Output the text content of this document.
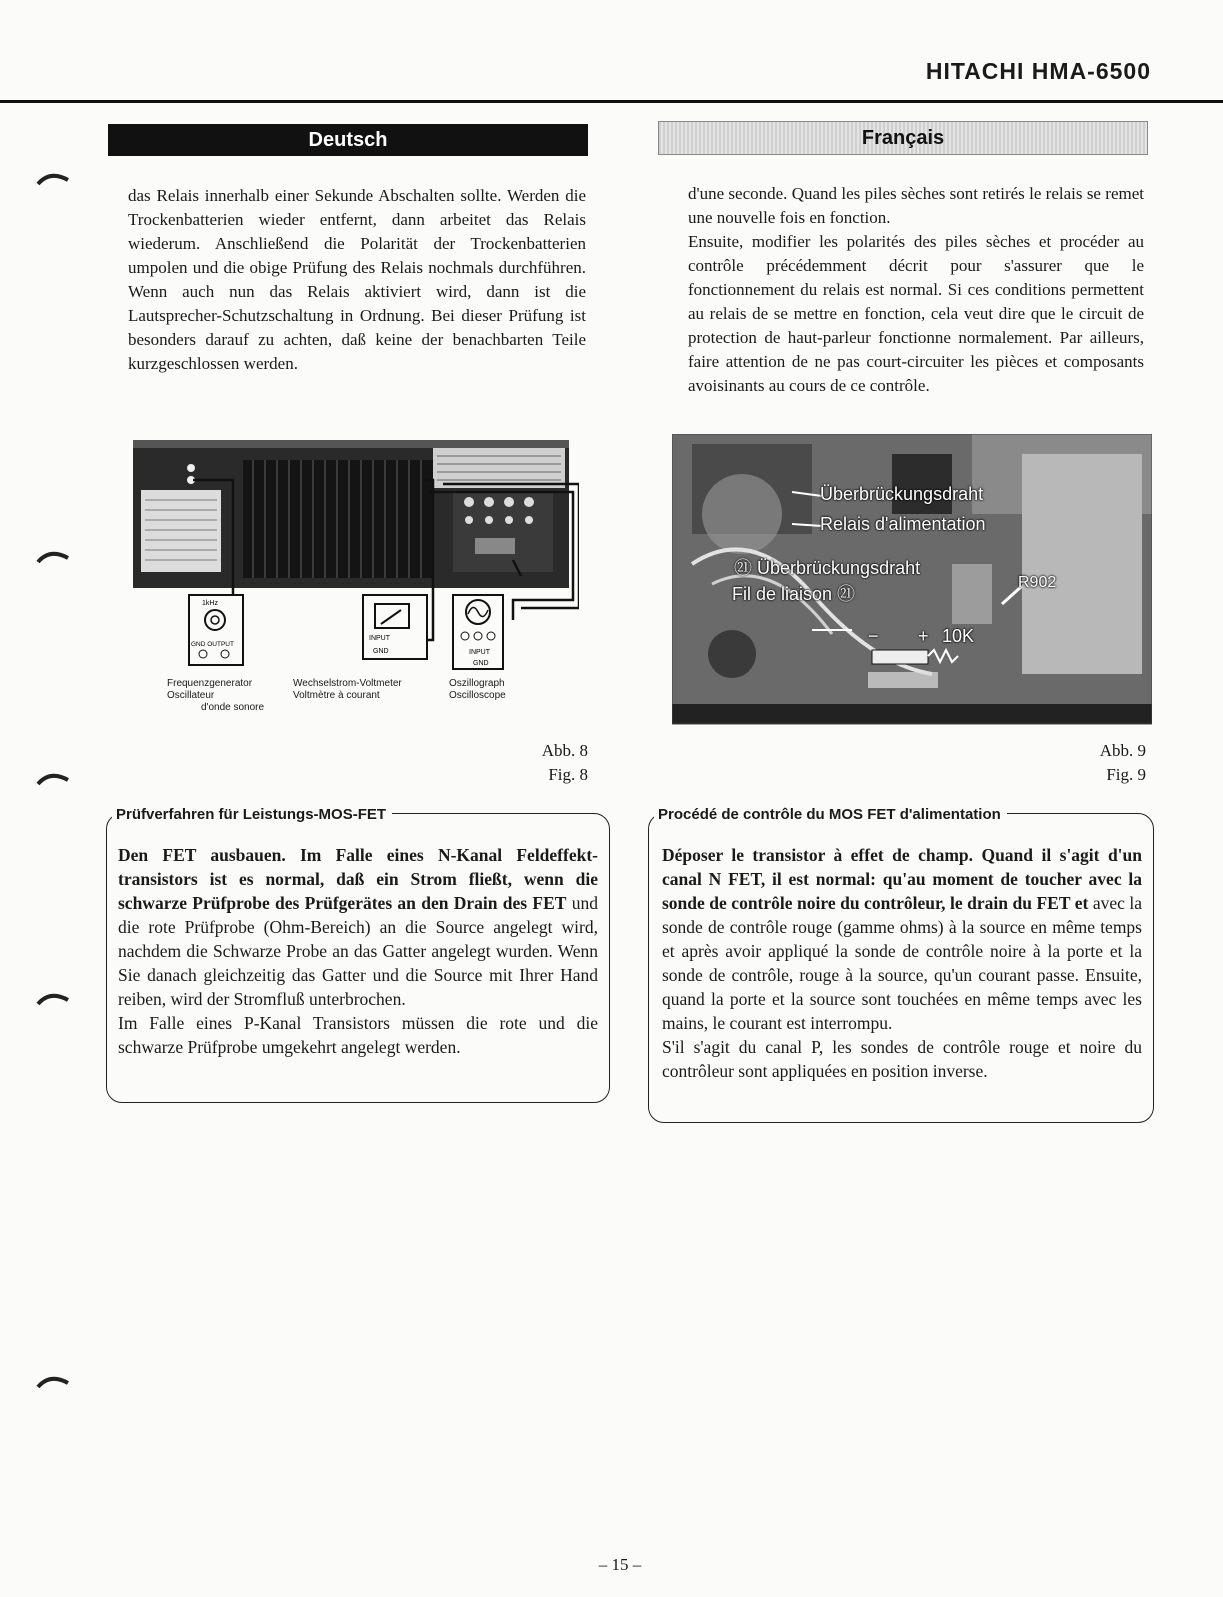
HITACHI HMA-6500
Deutsch	Français

das Relais innerhalb einer Sekunde Abschalten sollte. Werden die Trockenbatterien wieder entfernt, dann arbeitet das Relais wiederum. Anschließend die Polarität der Trockenbatterien umpolen und die obige Prüfung des Relais nochmals durchführen. Wenn auch nun das Relais aktiviert wird, dann ist die Lautsprecher-Schutzschaltung in Ordnung. Bei dieser Prüfung ist besonders darauf zu achten, daß keine der benachbarten Teile kurzgeschlossen werden.

d'une seconde. Quand les piles sèches sont retirés le relais se remet une nouvelle fois en fonction.
Ensuite, modifier les polarités des piles sèches et procéder au contrôle précédemment décrit pour s'assurer que le fonctionnement du relais est normal. Si ces conditions permettent au relais de se mettre en fonction, cela veut dire que le circuit de protection de haut-parleur fonctionne normalement. Par ailleurs, faire attention de ne pas court-circuiter les pièces et composants avoisinants au cours de ce contrôle.
1kHz
GND OUTPUT
INPUT
GND	INPUT
GND
Frequenzgenerator
Oscillateur
d'onde sonore
Wechselstrom-Voltmeter
Voltmètre à courant
Oszillograph
Oscilloscope
Abb. 8
Fig. 8
Überbrückungsdraht
Relais d'alimentation
㉑ Überbrückungsdraht
Fil de liaison ㉑
R902
10K
+
−
Abb. 9
Fig. 9
Prüfverfahren für Leistungs-MOS-FET
Den FET ausbauen. Im Falle eines N-Kanal Feldeffekt-transistors ist es normal, daß ein Strom fließt, wenn die schwarze Prüfprobe des Prüfgerätes an den Drain des FET und die rote Prüfprobe (Ohm-Bereich) an die Source angelegt wird, nachdem die Schwarze Probe an das Gatter angelegt wurden. Wenn Sie danach gleichzeitig das Gatter und die Source mit Ihrer Hand reiben, wird der Stromfluß unterbrochen.
Im Falle eines P-Kanal Transistors müssen die rote und die schwarze Prüfprobe umgekehrt angelegt werden.
Procédé de contrôle du MOS FET d'alimentation
Déposer le transistor à effet de champ. Quand il s'agit d'un canal N FET, il est normal: qu'au moment de toucher avec la sonde de contrôle noire du contrôleur, le drain du FET et avec la sonde de contrôle rouge (gamme ohms) à la source en même temps et après avoir appliqué la sonde de contrôle noire à la porte et la sonde de contrôle, rouge à la source, qu'un courant passe. Ensuite, quand la porte et la source sont touchées en même temps avec les mains, le courant est interrompu.
S'il s'agit du canal P, les sondes de contrôle rouge et noire du contrôleur sont appliquées en position inverse.
– 15 –
